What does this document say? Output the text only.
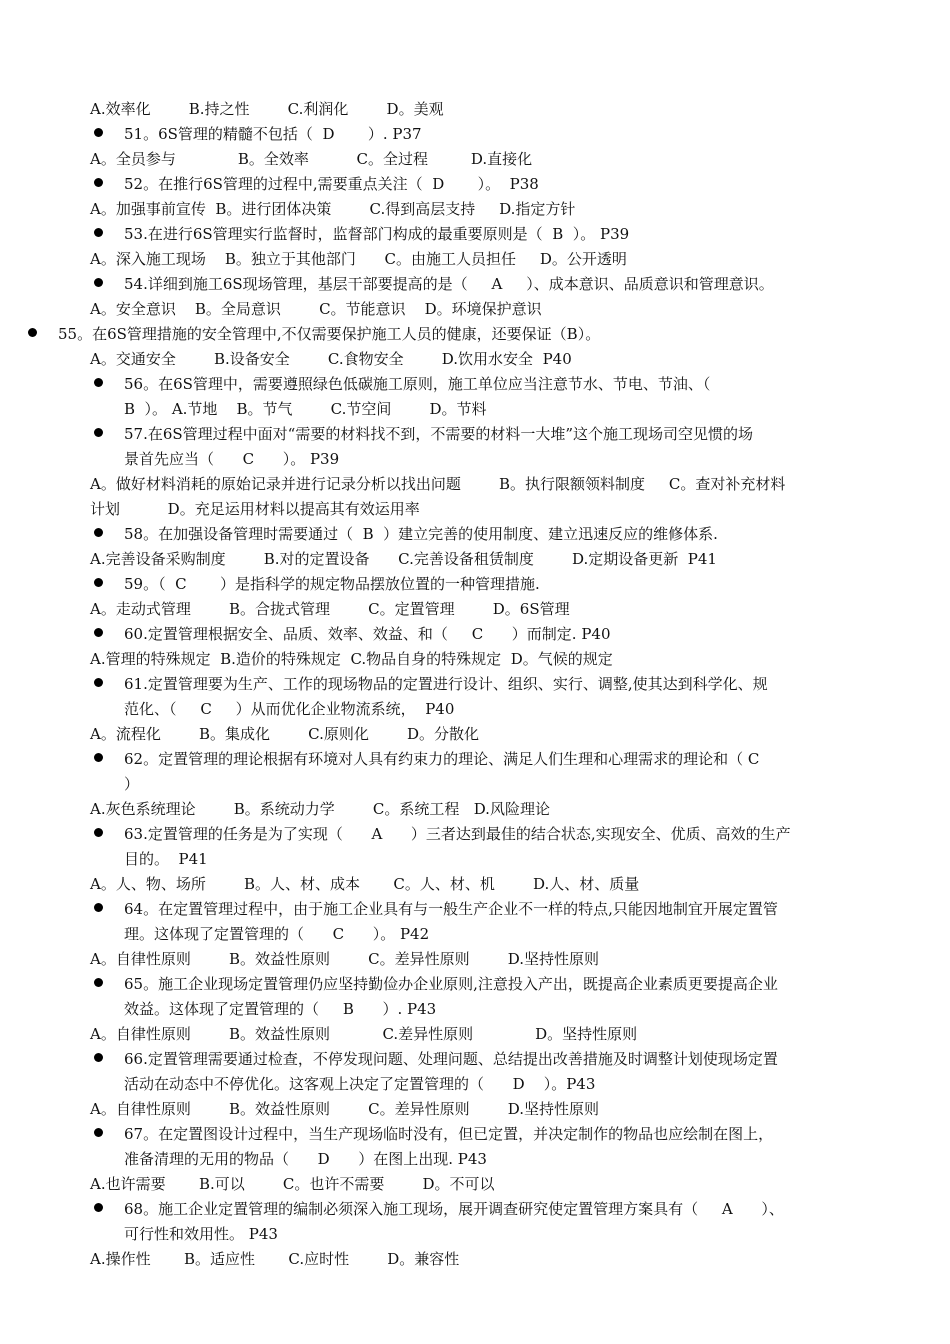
A.效率化        B.持之性        C.利润化        D。美观
51。6S管理的精髓不包括（  D       ）. P37
A。全员参与             B。全效率          C。全过程         D.直接化
52。在推行6S管理的过程中,需要重点关注（  D       ）。  P38
A。加强事前宣传  B。进行团体决策        C.得到高层支持     D.指定方针
53.在进行6S管理实行监督时，监督部门构成的最重要原则是（  B  ）。 P39
A。深入施工现场    B。独立于其他部门      C。由施工人员担任     D。公开透明
54.详细到施工6S现场管理，基层干部要提高的是（     A     ）、成本意识、品质意识和管理意识。
A。安全意识    B。全局意识        C。节能意识    D。环境保护意识
55。在6S管理措施的安全管理中,不仅需要保护施工人员的健康，还要保证（B）。
A。交通安全        B.设备安全        C.食物安全        D.饮用水安全  P40
56。在6S管理中，需要遵照绿色低碳施工原则，施工单位应当注意节水、节电、节油、（
B  ）。 A.节地    B。节气        C.节空间        D。节料
57.在6S管理过程中面对“需要的材料找不到，不需要的材料一大堆”这个施工现场司空见惯的场
景首先应当（      C      ）。 P39
A。做好材料消耗的原始记录并进行记录分析以找出问题        B。执行限额领料制度     C。查对补充材料
计划          D。充足运用材料以提高其有效运用率
58。在加强设备管理时需要通过（  B  ）建立完善的使用制度、建立迅速反应的维修体系.
A.完善设备采购制度        B.对的定置设备      C.完善设备租赁制度        D.定期设备更新  P41
59。（  C       ）是指科学的规定物品摆放位置的一种管理措施.
A。走动式管理        B。合拢式管理        C。定置管理        D。6S管理
60.定置管理根据安全、品质、效率、效益、和（     C      ）而制定. P40
A.管理的特殊规定  B.造价的特殊规定  C.物品自身的特殊规定  D。气候的规定
61.定置管理要为生产、工作的现场物品的定置进行设计、组织、实行、调整,使其达到科学化、规
范化、（     C     ）从而优化企业物流系统，  P40
A。流程化        B。集成化        C.原则化        D。分散化
62。定置管理的理论根据有环境对人具有约束力的理论、满足人们生理和心理需求的理论和（ C
）
A.灰色系统理论        B。系统动力学        C。系统工程   D.风险理论
63.定置管理的任务是为了实现（      A      ）三者达到最佳的结合状态,实现安全、优质、高效的生产
目的。  P41
A。人、物、场所        B。人、材、成本       C。人、材、机        D.人、材、质量
64。在定置管理过程中，由于施工企业具有与一般生产企业不一样的特点,只能因地制宜开展定置管
理。这体现了定置管理的（      C      ）。 P42
A。自律性原则        B。效益性原则        C。差异性原则        D.坚持性原则
65。施工企业现场定置管理仍应坚持勤俭办企业原则,注意投入产出，既提高企业素质更要提高企业
效益。这体现了定置管理的（     B      ）. P43
A。自律性原则        B。效益性原则           C.差异性原则             D。坚持性原则
66.定置管理需要通过检查，不停发现问题、处理问题、总结提出改善措施及时调整计划使现场定置
活动在动态中不停优化。这客观上决定了定置管理的（      D    ）。P43
A。自律性原则        B。效益性原则        C。差异性原则        D.坚持性原则
67。在定置图设计过程中，当生产现场临时没有，但已定置，并决定制作的物品也应绘制在图上，
准备清理的无用的物品（      D      ）在图上出现. P43
A.也许需要       B.可以        C。也许不需要        D。不可以
68。施工企业定置管理的编制必须深入施工现场，展开调查研究使定置管理方案具有（     A      ）、
可行性和效用性。 P43
A.操作性       B。适应性       C.应时性        D。兼容性
